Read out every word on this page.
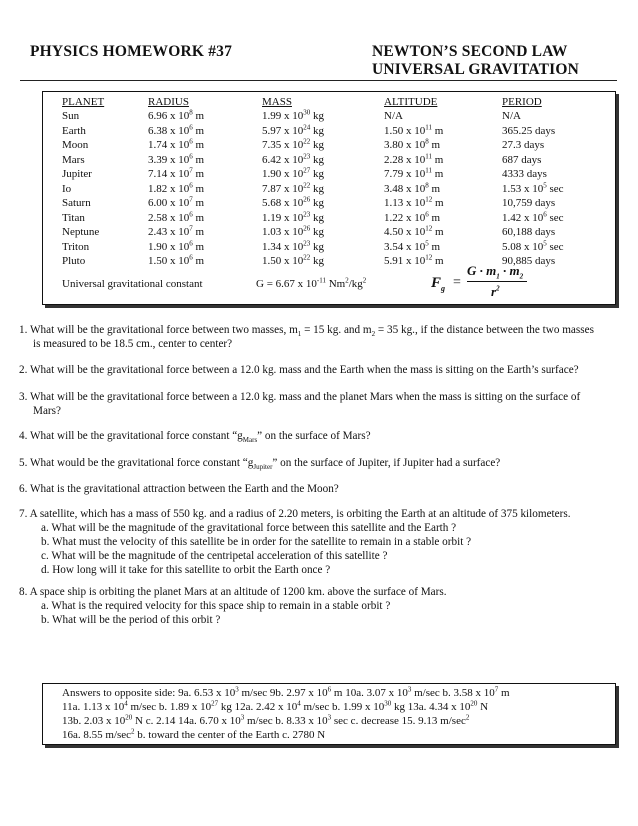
PHYSICS HOMEWORK #37	NEWTON’S SECOND LAW
UNIVERSAL GRAVITATION
PLANET	RADIUS	MASS	ALTITUDE	PERIOD
Sun	6.96 x $10^8$ m	1.99 x $10^{30}$ kg	N/A	N/A
Earth	6.38 x $10^6$ m	5.97 x $10^{24}$ kg	1.50 x $10^{11}$ m	365.25 days
Moon	1.74 x $10^6$ m	7.35 x $10^{22}$ kg	3.80 x $10^8$ m	27.3 days
Mars	3.39 x $10^6$ m	6.42 x $10^{23}$ kg	2.28 x $10^{11}$ m	687 days
Jupiter	7.14 x $10^7$ m	1.90 x $10^{27}$ kg	7.79 x $10^{11}$ m	4333 days
Io	1.82 x $10^6$ m	7.87 x $10^{22}$ kg	3.48 x $10^8$ m	1.53 x $10^5$ sec
Saturn	6.00 x $10^7$ m	5.68 x $10^{26}$ kg	1.13 x $10^{12}$ m	10,759 days
Titan	2.58 x $10^6$ m	1.19 x $10^{23}$ kg	1.22 x $10^6$ m	1.42 x $10^6$ sec
Neptune	2.43 x $10^7$ m	1.03 x $10^{26}$ kg	4.50 x $10^{12}$ m	60,188 days
Triton	1.90 x $10^6$ m	1.34 x $10^{23}$ kg	3.54 x $10^5$ m	5.08 x $10^5$ sec
Pluto	1.50 x $10^6$ m	1.50 x $10^{22}$ kg	5.91 x $10^{12}$ m	90,885 days
Universal gravitational constant	G = 6.67 x $10^{-11}$ $Nm^2/kg^2$	$F_g$ =
$G \cdot m_1 \cdot m_2$
$r^2$
1. What will be the gravitational force between two masses, $m_1 = 15$ kg. and $m_2 = 35$ kg., if the distance between the two masses
is measured to be 18.5 cm., center to center?
2. What will be the gravitational force between a 12.0 kg. mass and the Earth when the mass is sitting on the Earth’s surface?
3. What will be the gravitational force between a 12.0 kg. mass and the planet Mars when the mass is sitting on the surface of
Mars?
4. What will be the gravitational force constant “$g_{Mars}$” on the surface of Mars?
5. What would be the gravitational force constant “$g_{Jupiter}$” on the surface of Jupiter, if Jupiter had a surface?
6. What is the gravitational attraction between the Earth and the Moon?
7. A satellite, which has a mass of 550 kg. and a radius of 2.20 meters, is orbiting the Earth at an altitude of 375 kilometers.
a. What will be the magnitude of the gravitational force between this satellite and the Earth ?
b. What must the velocity of this satellite be in order for the satellite to remain in a stable orbit ?
c. What will be the magnitude of the centripetal acceleration of this satellite ?
d. How long will it take for this satellite to orbit the Earth once ?
8. A space ship is orbiting the planet Mars at an altitude of 1200 km. above the surface of Mars.
a. What is the required velocity for this space ship to remain in a stable orbit ?
b. What will be the period of this orbit ?
Answers to opposite side: 9a. 6.53 x $10^3$ m/sec 9b. 2.97 x $10^6$ m 10a. 3.07 x $10^3$ m/sec b. 3.58 x $10^7$ m
11a. 1.13 x $10^4$ m/sec b. 1.89 x $10^{27}$ kg 12a. 2.42 x $10^4$ m/sec b. 1.99 x $10^{30}$ kg 13a. 4.34 x $10^{20}$ N
13b. 2.03 x $10^{20}$ N c. 2.14 14a. 6.70 x $10^3$ m/sec b. 8.33 x $10^3$ sec c. decrease 15. 9.13 $m/\sec^2$
16a. 8.55 $m/\sec^2$ b. toward the center of the Earth c. 2780 N
